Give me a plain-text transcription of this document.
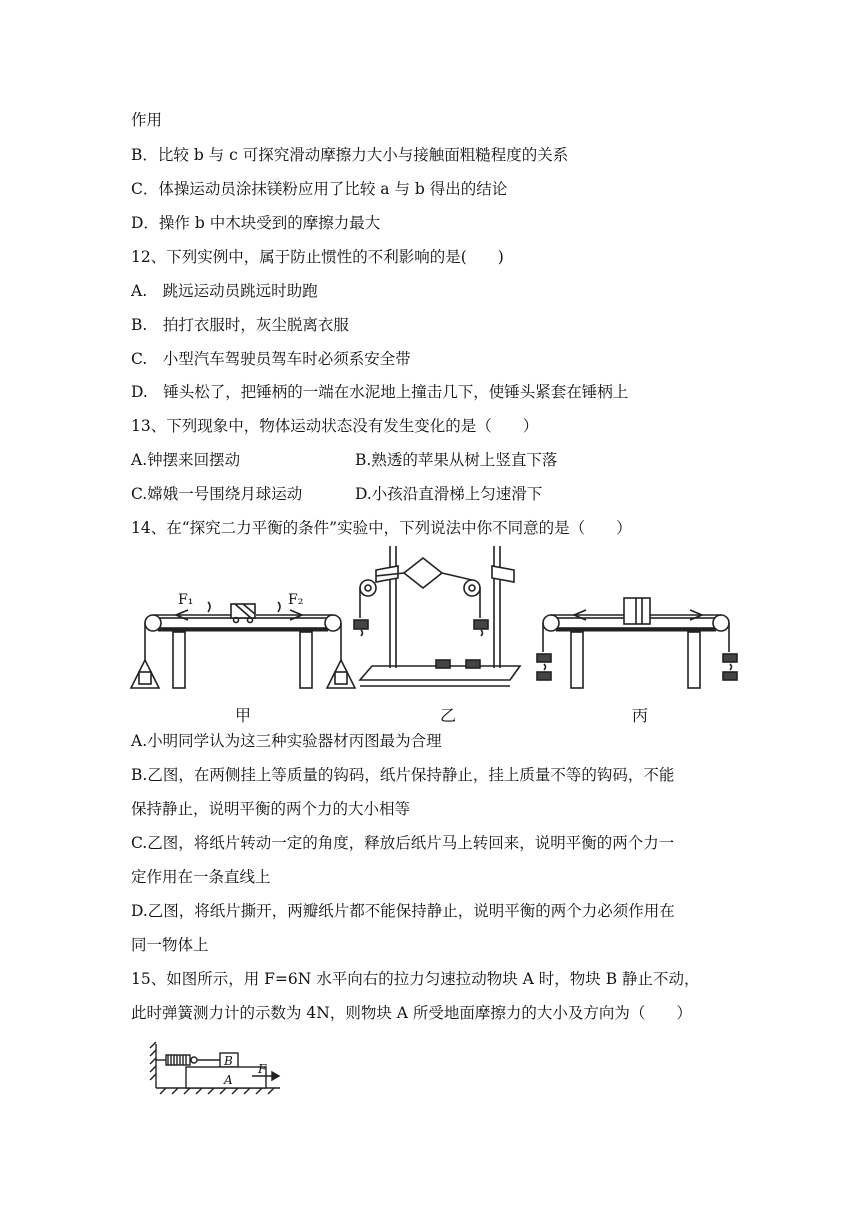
作用
B．比较 b 与 c 可探究滑动摩擦力大小与接触面粗糙程度的关系
C．体操运动员涂抹镁粉应用了比较 a 与 b 得出的结论
D．操作 b 中木块受到的摩擦力最大
12、下列实例中，属于防止惯性的不利影响的是(　　)
A.　跳远运动员跳远时助跑
B.　拍打衣服时，灰尘脱离衣服
C.　小型汽车驾驶员驾车时必须系安全带
D.　锤头松了，把锤柄的一端在水泥地上撞击几下，使锤头紧套在锤柄上
13、下列现象中，物体运动状态没有发生变化的是（　　）
A.钟摆来回摆动	B.熟透的苹果从树上竖直下落
C.嫦娥一号围绕月球运动	D.小孩沿直滑梯上匀速滑下
14、在“探究二力平衡的条件”实验中，下列说法中你不同意的是（　　）
F₁	F₂
甲	乙	丙
A.小明同学认为这三种实验器材丙图最为合理
B.乙图，在两侧挂上等质量的钩码，纸片保持静止，挂上质量不等的钩码，不能
保持静止，说明平衡的两个力的大小相等
C.乙图，将纸片转动一定的角度，释放后纸片马上转回来，说明平衡的两个力一
定作用在一条直线上
D.乙图，将纸片撕开，两瓣纸片都不能保持静止，说明平衡的两个力必须作用在
同一物体上
15、如图所示，用 F=6N 水平向右的拉力匀速拉动物块 A 时，物块 B 静止不动，
此时弹簧测力计的示数为 4N，则物块 A 所受地面摩擦力的大小及方向为（　　）
B
A
F
